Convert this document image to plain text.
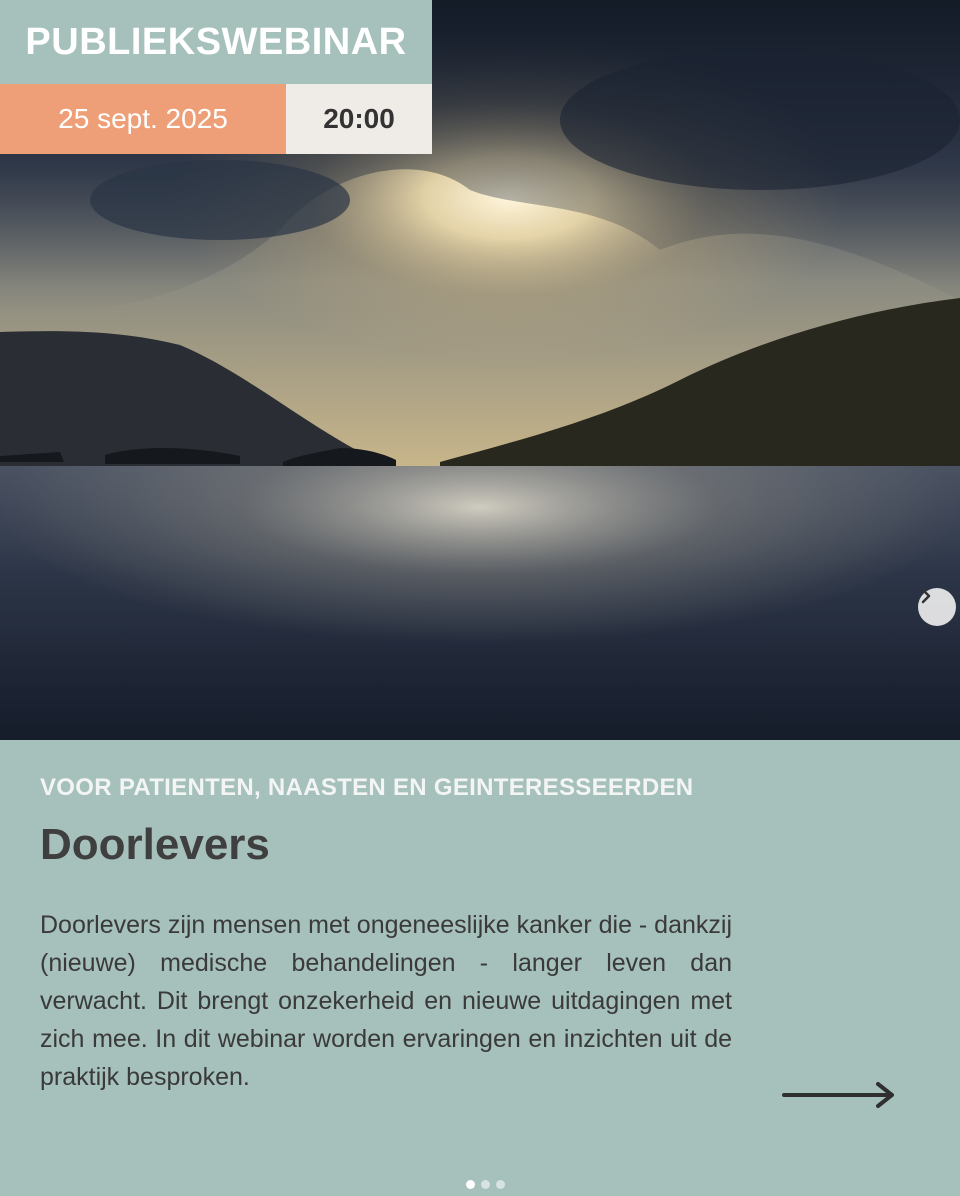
PUBLIEKSWEBINAR
25 sept. 2025	20:00
VOOR PATIENTEN, NAASTEN EN GEINTERESSEERDEN
Doorlevers
Doorlevers zijn mensen met ongeneeslijke kanker die - dankzij (nieuwe) medische behandelingen - langer leven dan verwacht. Dit brengt onzekerheid en nieuwe uitdagingen met zich mee. In dit webinar worden ervaringen en inzichten uit de praktijk besproken.
